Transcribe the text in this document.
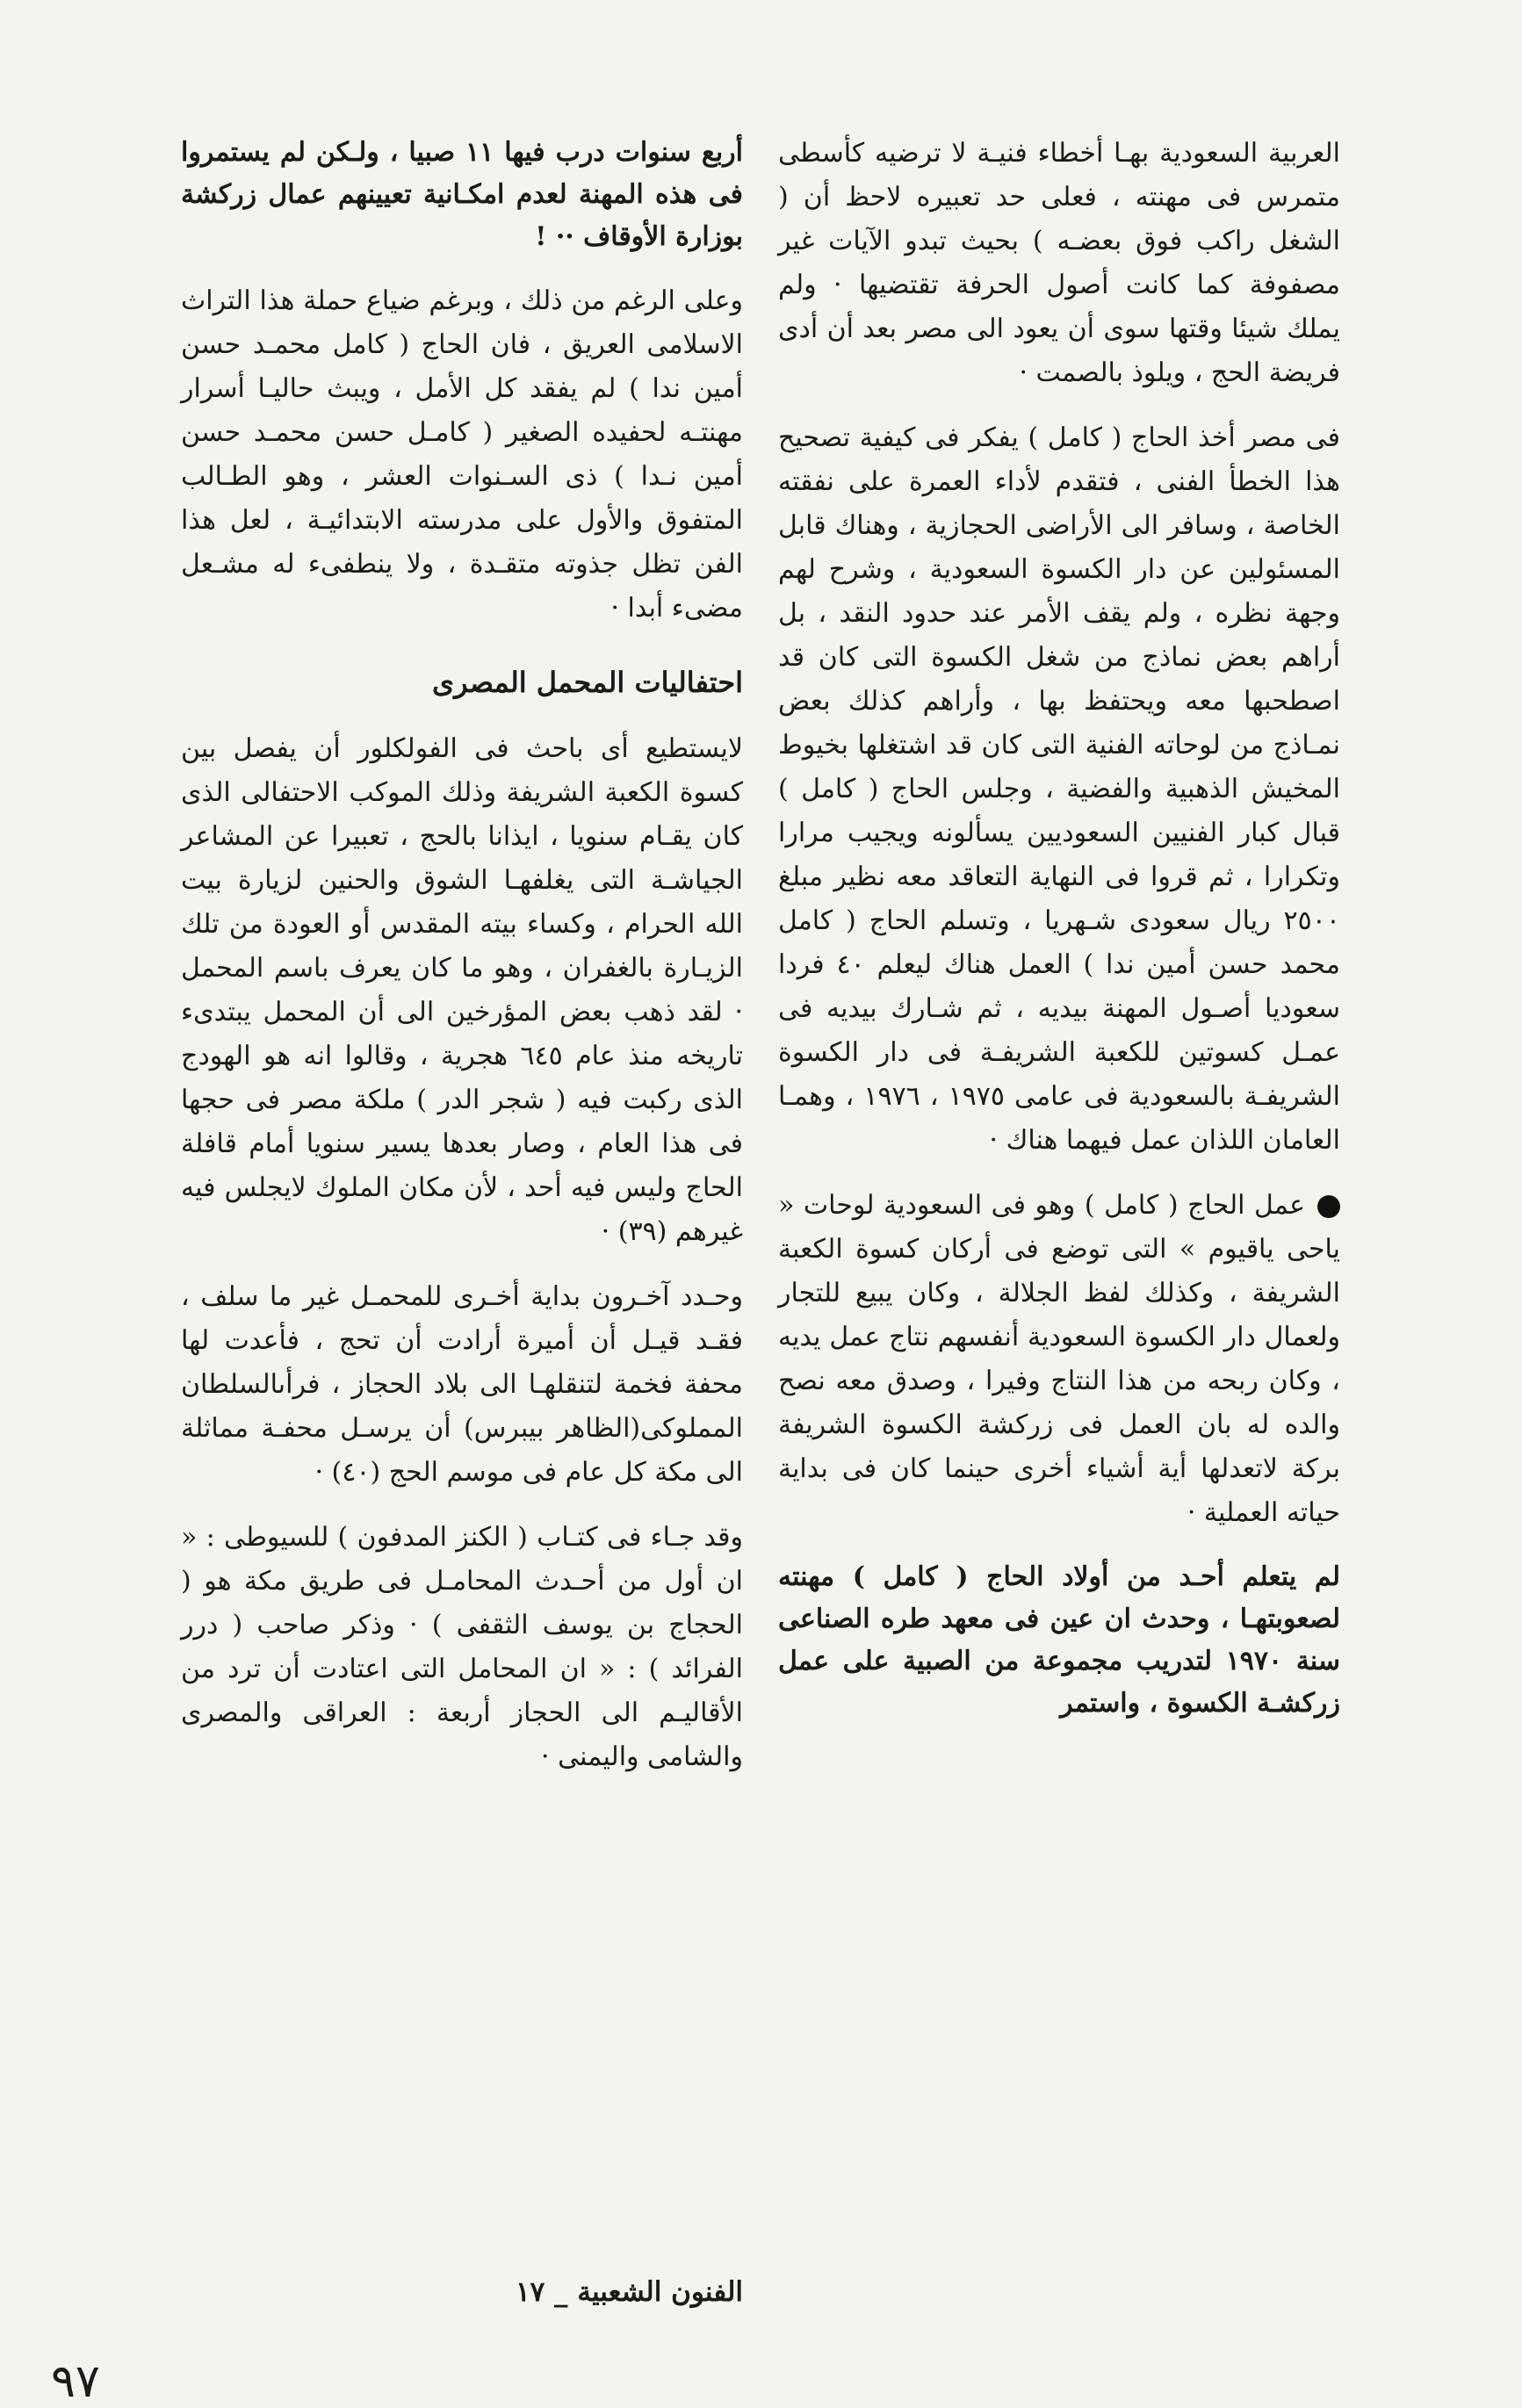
العربية السعودية بهـا أخطاء فنيـة لا ترضيه كأسطى متمرس فى مهنته ، فعلى حد تعبيره لاحظ أن ( الشغل راكب فوق بعضـه ) بحيث تبدو الآيات غير مصفوفة كما كانت أصول الحرفة تقتضيها · ولم يملك شيئا وقتها سوى أن يعود الى مصر بعد أن أدى فريضة الحج ، ويلوذ بالصمت ·

فى مصر أخذ الحاج ( كامل ) يفكر فى كيفية تصحيح هذا الخطأ الفنى ، فتقدم لأداء العمرة على نفقته الخاصة ، وسافر الى الأراضى الحجازية ، وهناك قابل المسئولين عن دار الكسوة السعودية ، وشرح لهم وجهة نظره ، ولم يقف الأمر عند حدود النقد ، بل أراهم بعض نماذج من شغل الكسوة التى كان قد اصطحبها معه ويحتفظ بها ، وأراهم كذلك بعض نمـاذج من لوحاته الفنية التى كان قد اشتغلها بخيوط المخيش الذهبية والفضية ، وجلس الحاج ( كامل ) قبال كبار الفنيين السعوديين يسألونه ويجيب مرارا وتكرارا ، ثم قروا فى النهاية التعاقد معه نظير مبلغ ٢٥٠٠ ريال سعودى شـهريا ، وتسلم الحاج ( كامل محمد حسن أمين ندا ) العمل هناك ليعلم ٤٠ فردا سعوديا أصـول المهنة بيديه ، ثم شـارك بيديه فى عمـل كسوتين للكعبة الشريفـة فى دار الكسوة الشريفـة بالسعودية فى عامى ١٩٧٥ ، ١٩٧٦ ، وهمـا العامان اللذان عمل فيهما هناك ·

عمل الحاج ( كامل ) وهو فى السعودية لوحات « ياحى ياقيوم » التى توضع فى أركان كسوة الكعبة الشريفة ، وكذلك لفظ الجلالة ، وكان يبيع للتجار ولعمال دار الكسوة السعودية أنفسهم نتاج عمل يديه ، وكان ربحه من هذا النتاج وفيرا ، وصدق معه نصح والده له بان العمل فى زركشة الكسوة الشريفة بركة لاتعدلها أية أشياء أخرى حينما كان فى بداية حياته العملية ·

لم يتعلم أحـد من أولاد الحاج ( كامل ) مهنته لصعوبتهـا ، وحدث ان عين فى معهد طره الصناعى سنة ١٩٧٠ لتدريب مجموعة من الصبية على عمل زركشـة الكسوة ، واستمر

أربع سنوات درب فيها ١١ صبيا ، ولـكن لم يستمروا فى هذه المهنة لعدم امكـانية تعيينهم عمال زركشة بوزارة الأوقاف ·· !

وعلى الرغم من ذلك ، وبرغم ضياع حملة هذا التراث الاسلامى العريق ، فان الحاج ( كامل محمـد حسن أمين ندا ) لم يفقد كل الأمل ، ويبث حاليـا أسرار مهنتـه لحفيده الصغير ( كامـل حسن محمـد حسن أمين نـدا ) ذى السـنوات العشر ، وهو الطـالب المتفوق والأول على مدرسته الابتدائيـة ، لعل هذا الفن تظل جذوته متقـدة ، ولا ينطفىء له مشـعل مضىء أبدا ·

احتفاليات المحمل المصرى

لايستطيع أى باحث فى الفولكلور أن يفصل بين كسوة الكعبة الشريفة وذلك الموكب الاحتفالى الذى كان يقـام سنويا ، ايذانا بالحج ، تعبيرا عن المشاعر الجياشـة التى يغلفهـا الشوق والحنين لزيارة بيت الله الحرام ، وكساء بيته المقدس أو العودة من تلك الزيـارة بالغفران ، وهو ما كان يعرف باسم المحمل · لقد ذهب بعض المؤرخين الى أن المحمل يبتدىء تاريخه منذ عام ٦٤٥ هجرية ، وقالوا انه هو الهودج الذى ركبت فيه ( شجر الدر ) ملكة مصر فى حجها فى هذا العام ، وصار بعدها يسير سنويا أمام قافلة الحاج وليس فيه أحد ، لأن مكان الملوك لايجلس فيه غيرهم (٣٩) ·

وحـدد آخـرون بداية أخـرى للمحمـل غير ما سلف ، فقـد قيـل أن أميرة أرادت أن تحج ، فأعدت لها محفة فخمة لتنقلهـا الى بلاد الحجاز ، فرأىالسلطان المملوكى(الظاهر بيبرس) أن يرسـل محفـة مماثلة الى مكة كل عام فى موسم الحج (٤٠) ·

وقد جـاء فى كتـاب ( الكنز المدفون ) للسيوطى : « ان أول من أحـدث المحامـل فى طريق مكة هو ( الحجاج بن يوسف الثقفى ) · وذكر صاحب ( درر الفرائد ) : « ان المحامل التى اعتادت أن ترد من الأقاليـم الى الحجاز أربعة : العراقى والمصرى والشامى واليمنى ·

الفنون الشعبية _ ١٧
٩٧
